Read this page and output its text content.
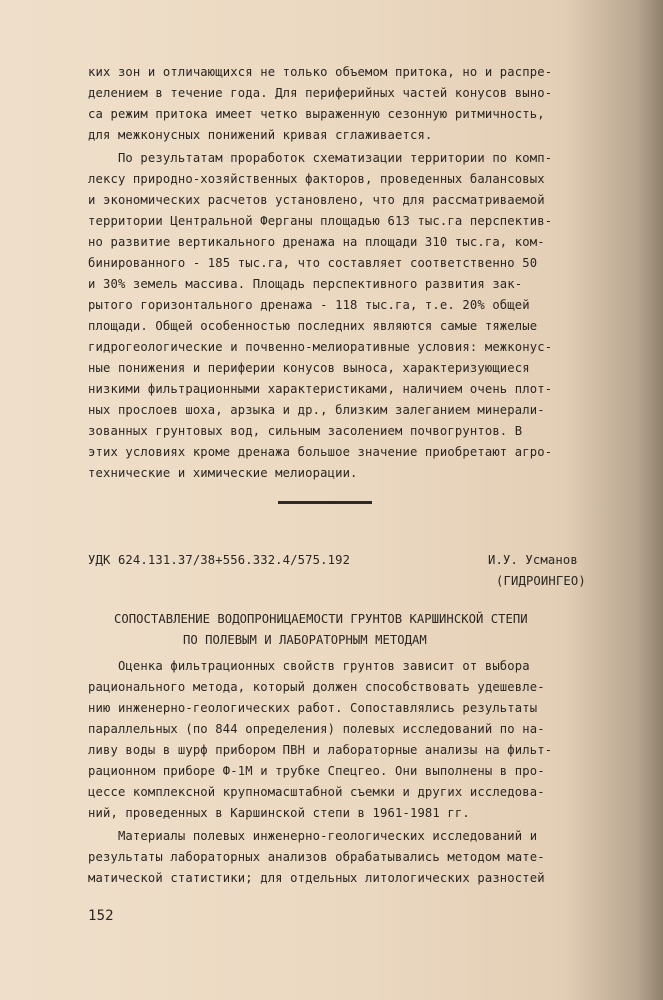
ких зон и отличающихся не только объемом притока, но и распре-
делением в течение года. Для периферийных частей конусов выно-
са режим притока имеет четко выраженную сезонную ритмичность,
для межконусных понижений кривая сглаживается.
По результатам проработок схематизации территории по комп-
лексу природно-хозяйственных факторов, проведенных балансовых
и экономических расчетов установлено, что для рассматриваемой
территории Центральной Ферганы площадью 613 тыс.га перспектив-
но развитие вертикального дренажа на площади 310 тыс.га, ком-
бинированного - 185 тыс.га, что составляет соответственно 50
и 30% земель массива. Площадь перспективного развития зак-
рытого горизонтального дренажа - 118 тыс.га, т.е. 20% общей
площади. Общей особенностью последних являются самые тяжелые
гидрогеологические и почвенно-мелиоративные условия: межконус-
ные понижения и периферии конусов выноса, характеризующиеся
низкими фильтрационными характеристиками, наличием очень плот-
ных прослоев шоха, арзыка и др., близким залеганием минерали-
зованных грунтовых вод, сильным засолением почвогрунтов. В
этих условиях кроме дренажа большое значение приобретают агро-
технические и химические мелиорации.
УДК 624.131.37/38+556.332.4/575.192	И.У. Усманов
(ГИДРОИНГЕО)
СОПОСТАВЛЕНИЕ ВОДОПРОНИЦАЕМОСТИ ГРУНТОВ КАРШИНСКОЙ СТЕПИ
ПО ПОЛЕВЫМ И ЛАБОРАТОРНЫМ МЕТОДАМ
Оценка фильтрационных свойств грунтов зависит от выбора
рационального метода, который должен способствовать удешевле-
нию инженерно-геологических работ. Сопоставлялись результаты
параллельных (по 844 определения) полевых исследований по на-
ливу воды в шурф прибором ПВН и лабораторные анализы на фильт-
рационном приборе Ф-1М и трубке Спецгео. Они выполнены в про-
цессе комплексной крупномасштабной съемки и других исследова-
ний, проведенных в Каршинской степи в 1961-1981 гг.
Материалы полевых инженерно-геологических исследований и
результаты лабораторных анализов обрабатывались методом мате-
матической статистики; для отдельных литологических разностей
152
